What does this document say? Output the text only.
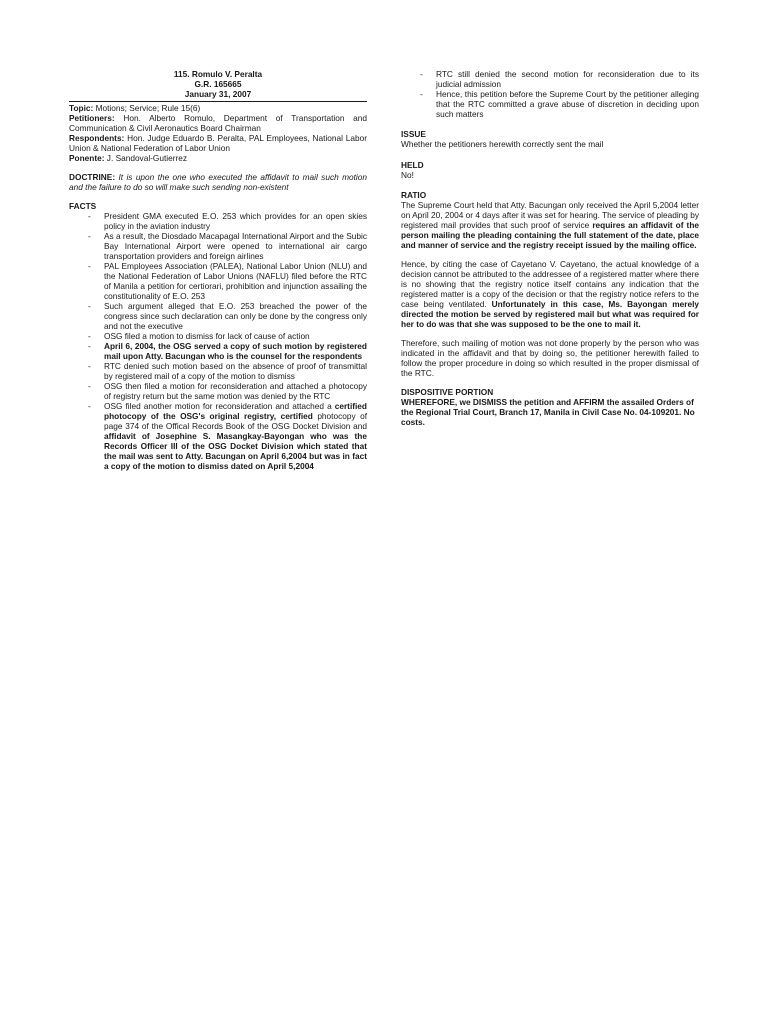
115. Romulo V. Peralta
G.R. 165665
January 31, 2007

Topic: Motions; Service; Rule 15(6)

Petitioners: Hon. Alberto Romulo, Department of Transportation and Communication & Civil Aeronautics Board Chairman

Respondents: Hon. Judge Eduardo B. Peralta, PAL Employees, National Labor Union & National Federation of Labor Union

Ponente: J. Sandoval-Gutierrez

DOCTRINE: It is upon the one who executed the affidavit to mail such motion and the failure to do so will make such sending non-existent
FACTS
- President GMA executed E.O. 253 which provides for an open skies policy in the aviation industry
- As a result, the Diosdado Macapagal International Airport and the Subic Bay International Airport were opened to international air cargo transportation providers and foreign airlines
- PAL Employees Association (PALEA), National Labor Union (NLU) and the National Federation of Labor Unions (NAFLU) filed before the RTC of Manila a petition for certiorari, prohibition and injunction assailing the constitutionality of E.O. 253
- Such argument alleged that E.O. 253 breached the power of the congress since such declaration can only be done by the congress only and not the executive
- OSG filed a motion to dismiss for lack of cause of action
- April 6, 2004, the OSG served a copy of such motion by registered mail upon Atty. Bacungan who is the counsel for the respondents
- RTC denied such motion based on the absence of proof of transmittal by registered mail of a copy of the motion to dismiss
- OSG then filed a motion for reconsideration and attached a photocopy of registry return but the same motion was denied by the RTC
- OSG filed another motion for reconsideration and attached a certified photocopy of the OSG's original registry, certified photocopy of page 374 of the Offical Records Book of the OSG Docket Division and affidavit of Josephine S. Masangkay-Bayongan who was the Records Officer III of the OSG Docket Division which stated that the mail was sent to Atty. Bacungan on April 6,2004 but was in fact a copy of the motion to dismiss dated on April 5,2004
- RTC still denied the second motion for reconsideration due to its judicial admission
- Hence, this petition before the Supreme Court by the petitioner alleging that the RTC committed a grave abuse of discretion in deciding upon such matters
ISSUE

Whether the petitioners herewith correctly sent the mail

HELD

No!

RATIO

The Supreme Court held that Atty. Bacungan only received the April 5,2004 letter on April 20, 2004 or 4 days after it was set for hearing. The service of pleading by registered mail provides that such proof of service requires an affidavit of the person mailing the pleading containing the full statement of the date, place and manner of service and the registry receipt issued by the mailing office.

Hence, by citing the case of Cayetano V. Cayetano, the actual knowledge of a decision cannot be attributed to the addressee of a registered matter where there is no showing that the registry notice itself contains any indication that the registered matter is a copy of the decision or that the registry notice refers to the case being ventilated. Unfortunately in this case, Ms. Bayongan merely directed the motion be served by registered mail but what was required for her to do was that she was supposed to be the one to mail it.

Therefore, such mailing of motion was not done properly by the person who was indicated in the affidavit and that by doing so, the petitioner herewith failed to follow the proper procedure in doing so which resulted in the proper dismissal of the RTC.

DISPOSITIVE PORTION

WHEREFORE, we DISMISS the petition and AFFIRM the assailed Orders of the Regional Trial Court, Branch 17, Manila in Civil Case No. 04-109201. No costs.
